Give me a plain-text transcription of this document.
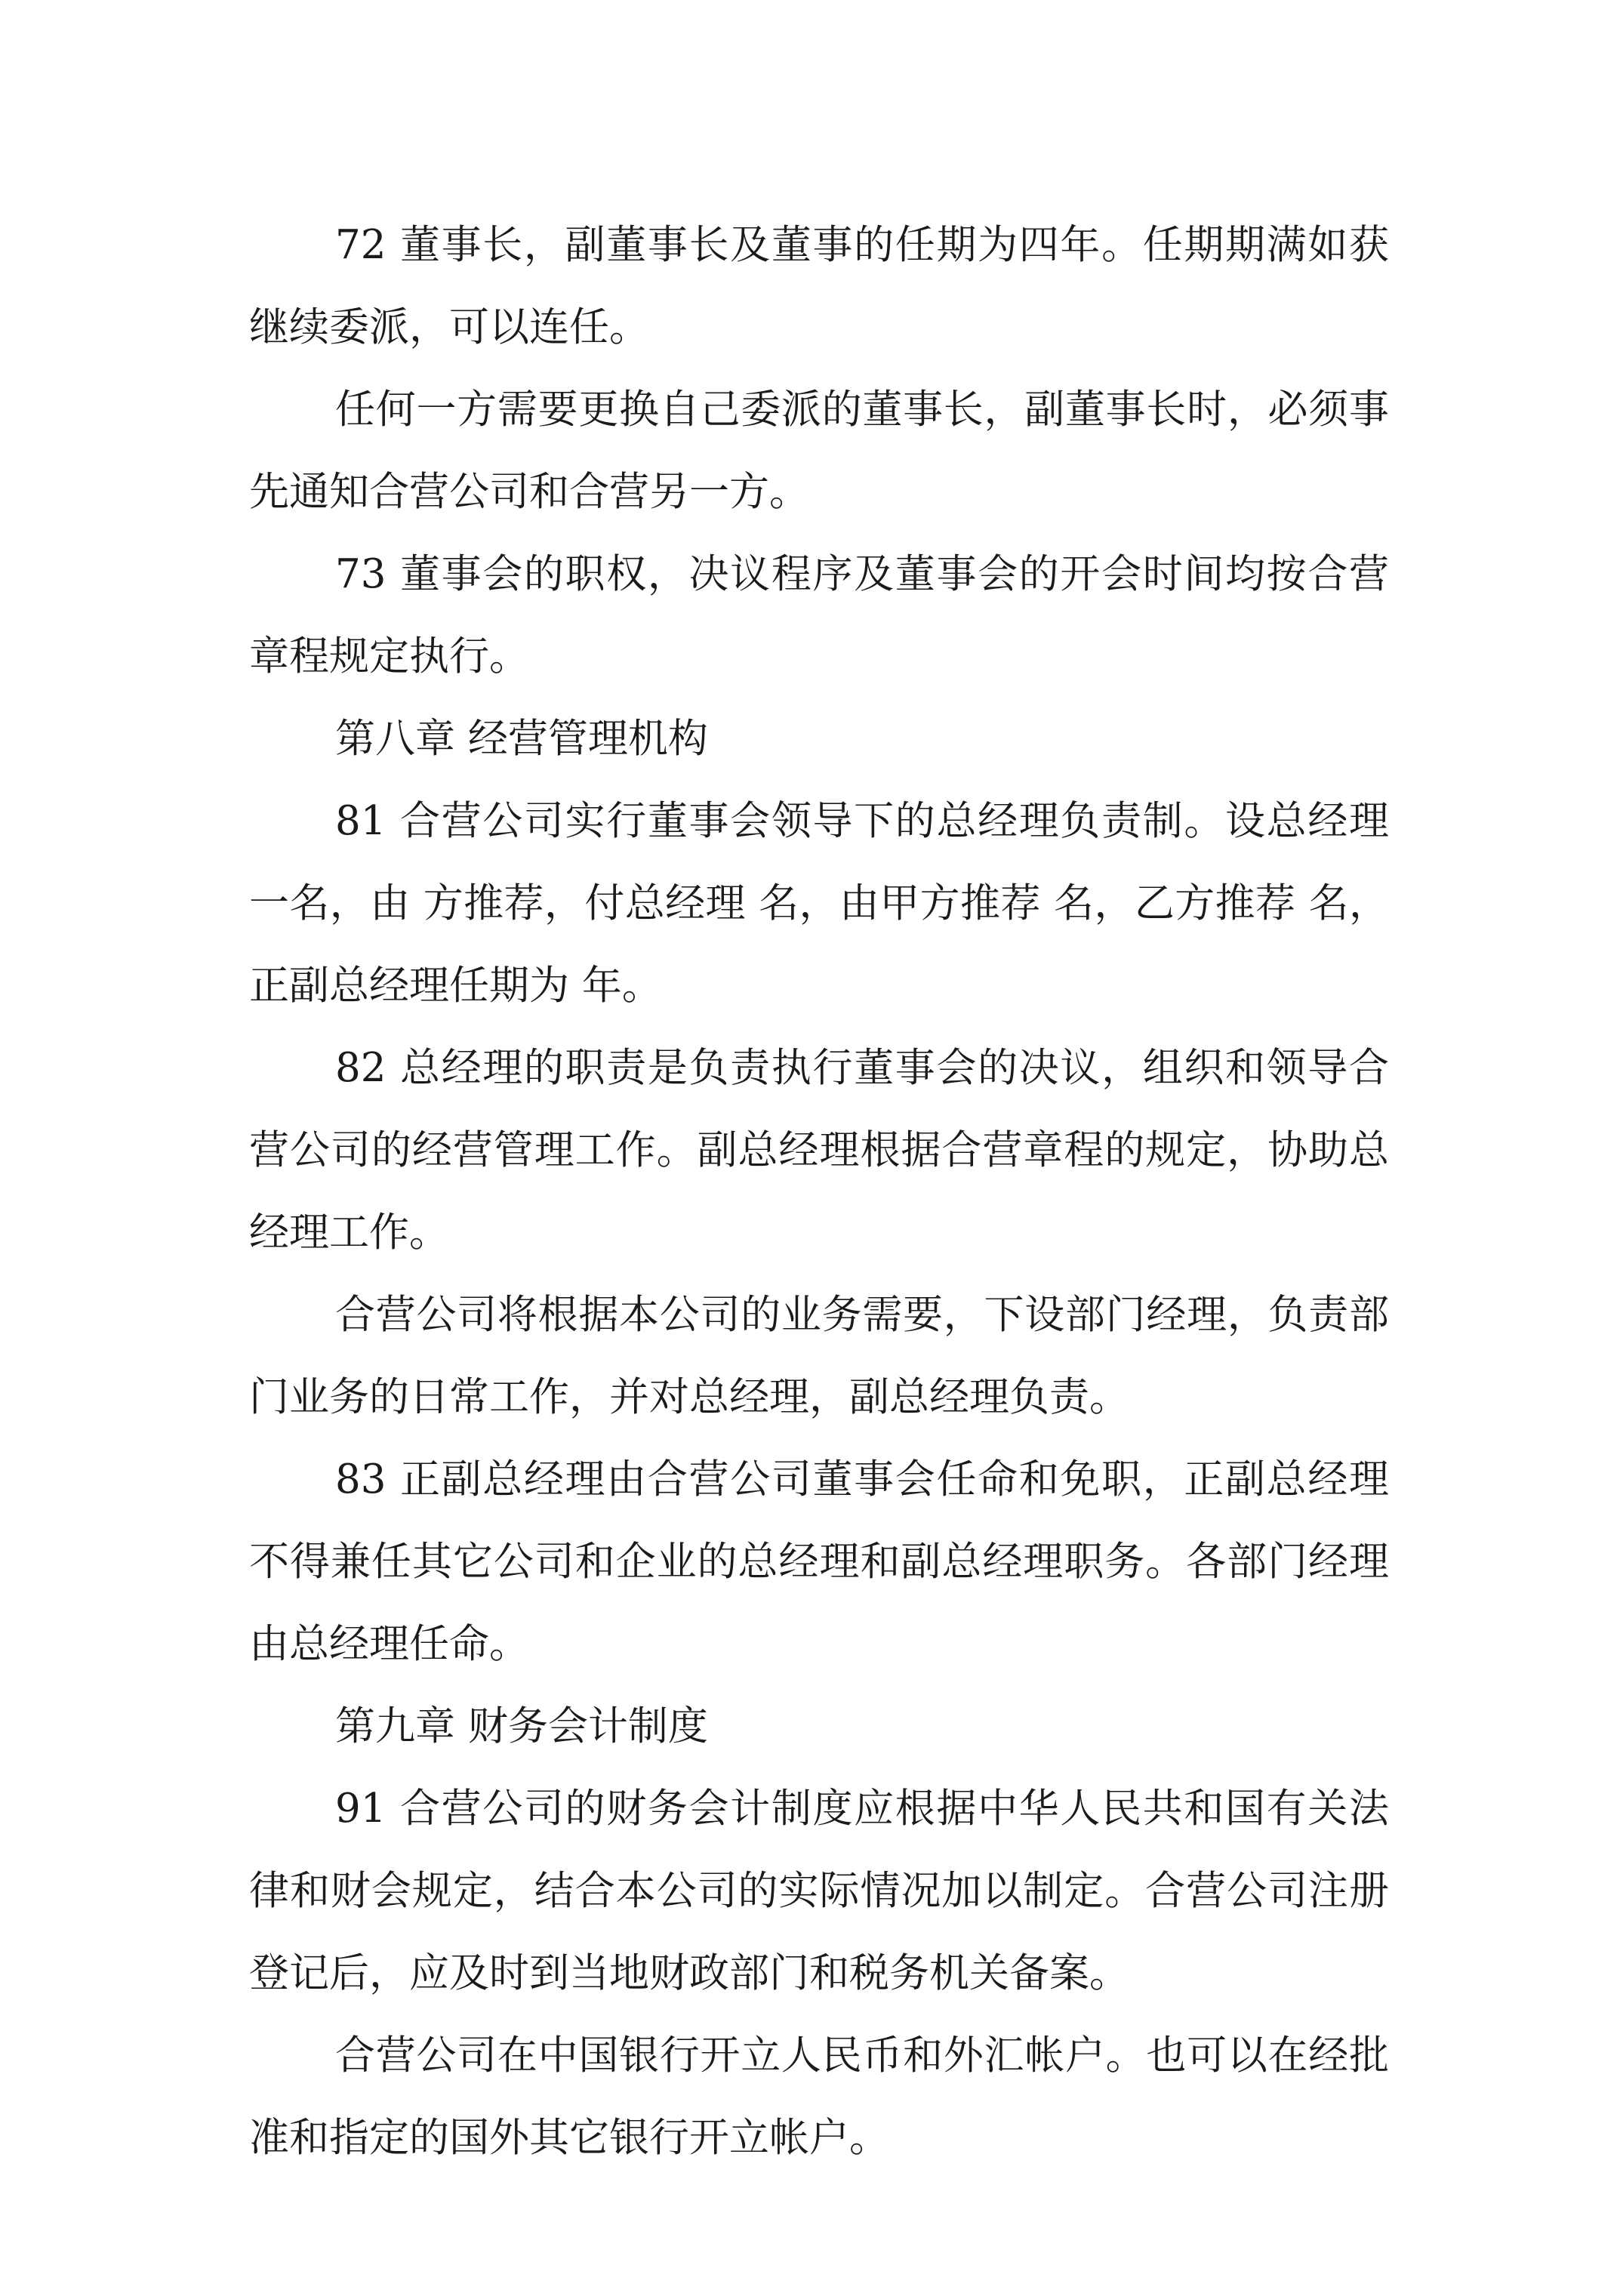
72 董事长，副董事长及董事的任期为四年。任期期满如获继续委派，可以连任。

任何一方需要更换自己委派的董事长，副董事长时，必须事先通知合营公司和合营另一方。

73 董事会的职权，决议程序及董事会的开会时间均按合营章程规定执行。

第八章 经营管理机构

81 合营公司实行董事会领导下的总经理负责制。设总经理一名，由 方推荐，付总经理 名，由甲方推荐 名，乙方推荐 名，正副总经理任期为 年。

82 总经理的职责是负责执行董事会的决议，组织和领导合营公司的经营管理工作。副总经理根据合营章程的规定，协助总经理工作。

合营公司将根据本公司的业务需要，下设部门经理，负责部门业务的日常工作，并对总经理，副总经理负责。

83 正副总经理由合营公司董事会任命和免职，正副总经理不得兼任其它公司和企业的总经理和副总经理职务。各部门经理由总经理任命。

第九章 财务会计制度

91 合营公司的财务会计制度应根据中华人民共和国有关法律和财会规定，结合本公司的实际情况加以制定。合营公司注册登记后，应及时到当地财政部门和税务机关备案。

合营公司在中国银行开立人民币和外汇帐户。也可以在经批准和指定的国外其它银行开立帐户。
